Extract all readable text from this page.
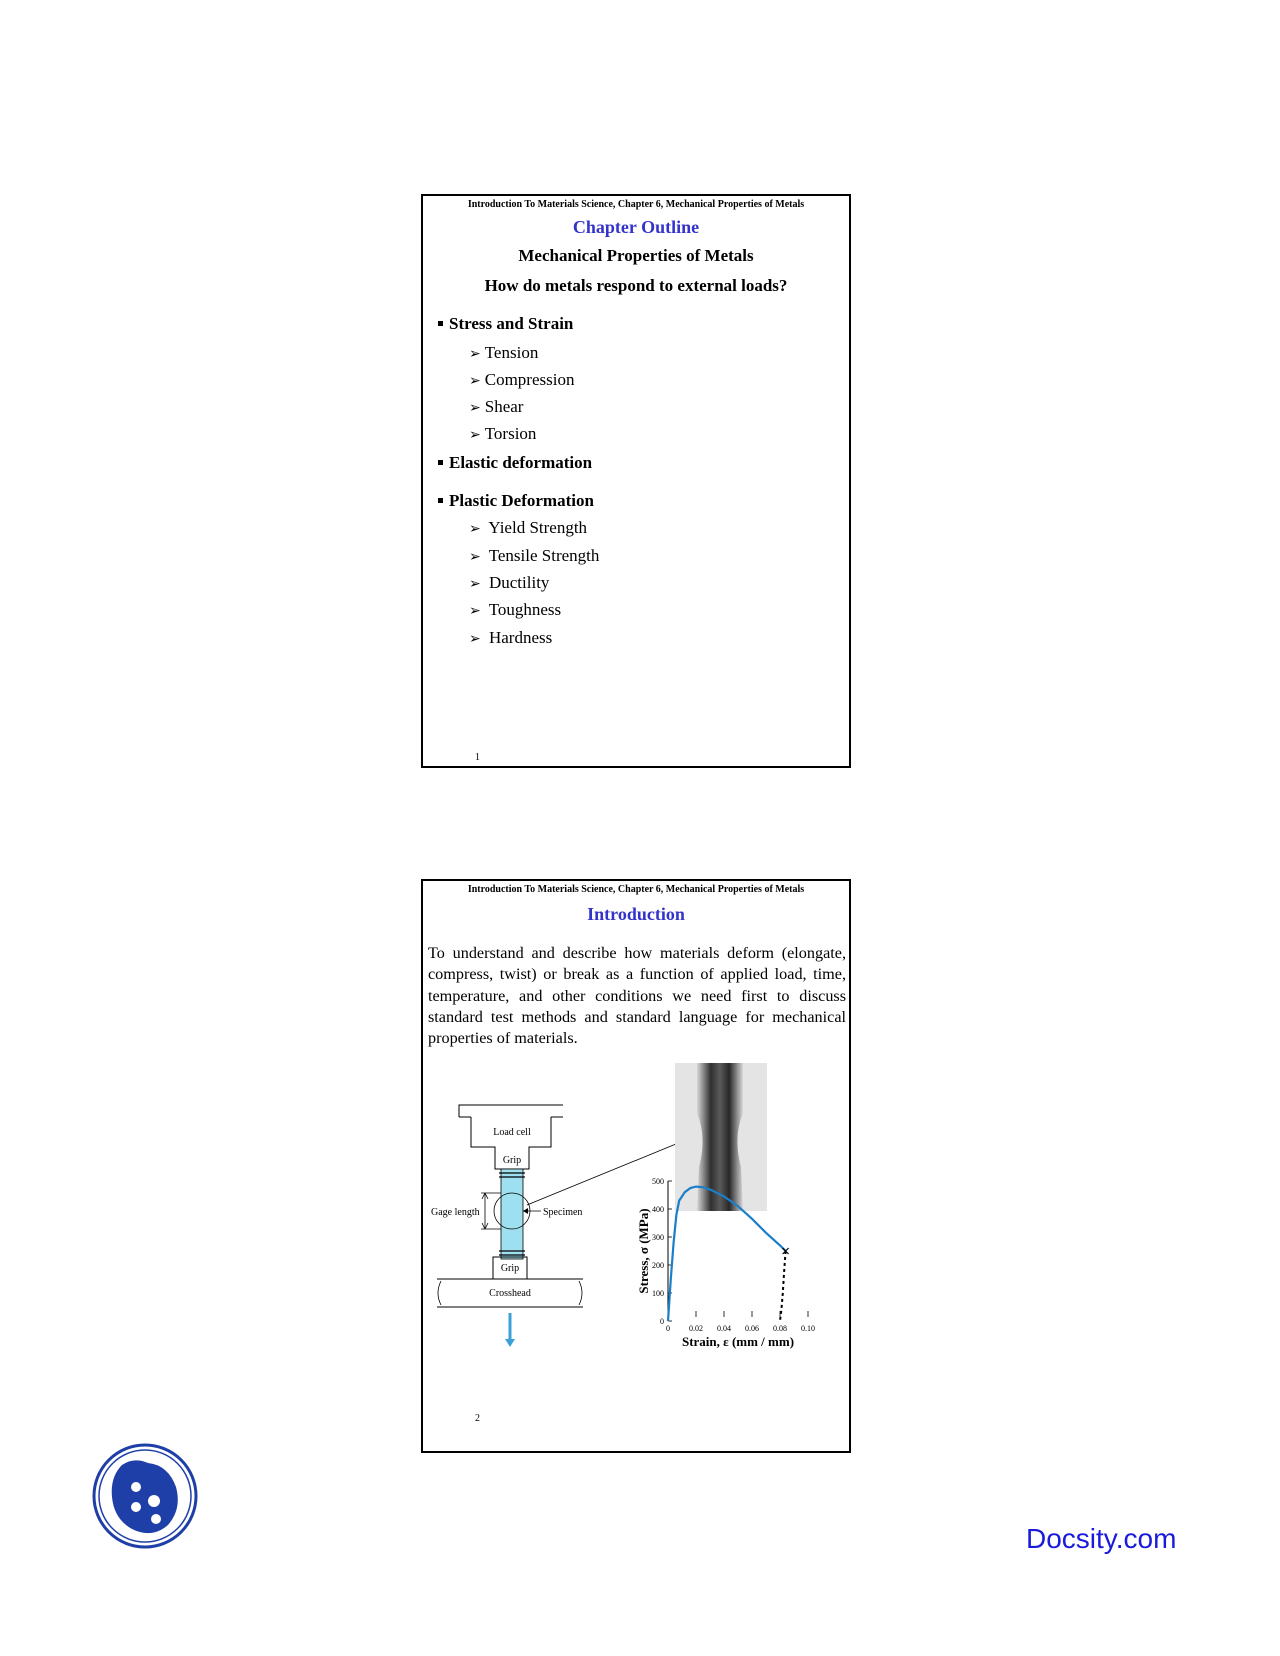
Introduction To Materials Science, Chapter 6, Mechanical Properties of Metals
Chapter Outline
Mechanical Properties of Metals
How do metals respond to external loads?
Stress and Strain
➢ Tension
➢ Compression
➢ Shear
➢ Torsion
Elastic deformation
Plastic Deformation
➢ Yield Strength
➢ Tensile Strength
➢ Ductility
➢ Toughness
➢ Hardness
1
Introduction To Materials Science, Chapter 6, Mechanical Properties of Metals
Introduction
To understand and describe how materials deform (elongate, compress, twist) or break as a function of applied load, time, temperature, and other conditions we need first to discuss standard test methods and standard language for mechanical properties of materials.
Load cell
Grip
Gage length	Specimen
Grip
Crosshead
0
100
200
300
400
500
0 0.02 0.04 0.06 0.08 0.10
Strain, ε (mm / mm)
Stress, σ (MPa)
2
Docsity.com
